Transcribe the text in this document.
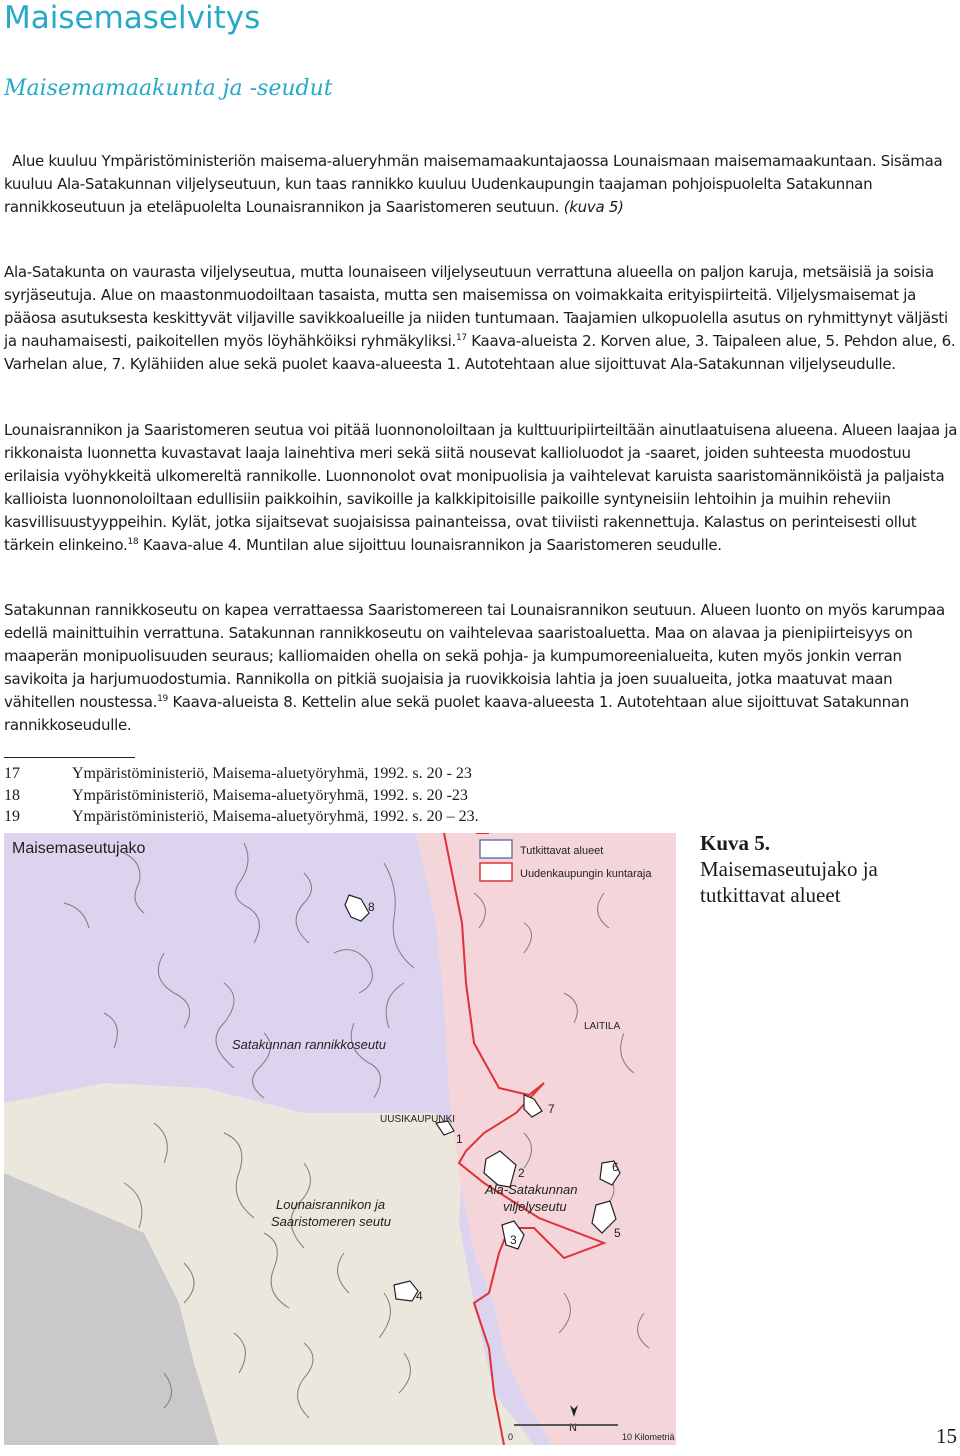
Maisemaselvitys
Maisemamaakunta ja -seudut

Alue kuuluu Ympäristöministeriön maisema-alueryhmän maisemamaakuntajaossa Lounaismaan maisemamaakuntaan. Sisämaa kuuluu Ala-Satakunnan viljelyseutuun, kun taas rannikko kuuluu Uudenkaupungin taajaman pohjoispuolelta Satakunnan rannikkoseutuun ja eteläpuolelta Lounaisrannikon ja Saaristomeren seutuun. (kuva 5)

Ala-Satakunta on vaurasta viljelyseutua, mutta lounaiseen viljelyseutuun verrattuna alueella on paljon karuja, metsäisiä ja soisia syrjäseutuja. Alue on maastonmuodoiltaan tasaista, mutta sen maisemissa on voimakkaita erityispiirteitä. Viljelysmaisemat ja pääosa asutuksesta keskittyvät viljaville savikkoalueille ja niiden tuntumaan. Taajamien ulkopuolella asutus on ryhmittynyt väljästi ja nauhamaisesti, paikoitellen myös löyhähköiksi ryhmäkyliksi.$^{17}$ Kaava-alueista 2. Korven alue, 3. Taipaleen alue, 5. Pehdon alue, 6. Varhelan alue, 7. Kylähiiden alue sekä puolet kaava-alueesta 1. Autotehtaan alue sijoittuvat Ala-Satakunnan viljelyseudulle.

Lounaisrannikon ja Saaristomeren seutua voi pitää luonnonoloiltaan ja kulttuuripiirteiltään ainutlaatuisena alueena. Alueen laajaa ja rikkonaista luonnetta kuvastavat laaja lainehtiva meri sekä siitä nousevat kallioluodot ja -saaret, joiden suhteesta muodostuu erilaisia vyöhykkeitä ulkomereltä rannikolle. Luonnonolot ovat monipuolisia ja vaihtelevat karuista saaristomänniköistä ja paljaista kallioista luonnonoloiltaan edullisiin paikkoihin, savikoille ja kalkkipitoisille paikoille syntyneisiin lehtoihin ja muihin reheviin kasvillisuustyyppeihin. Kylät, jotka sijaitsevat suojaisissa painanteissa, ovat tiiviisti rakennettuja. Kalastus on perinteisesti ollut tärkein elinkeino.$^{18}$ Kaava-alue 4. Muntilan alue sijoittuu lounaisrannikon ja Saaristomeren seudulle.

Satakunnan rannikkoseutu on kapea verrattaessa Saaristomereen tai Lounaisrannikon seutuun. Alueen luonto on myös karumpaa edellä mainittuihin verrattuna. Satakunnan rannikkoseutu on vaihtelevaa saaristoaluetta. Maa on alavaa ja pienipiirteisyys on maaperän monipuolisuuden seuraus; kalliomaiden ohella on sekä pohja- ja kumpumoreenialueita, kuten myös jonkin verran savikoita ja harjumuodostumia. Rannikolla on pitkiä suojaisia ja ruovikkoisia lahtia ja joen suualueita, jotka maatuvat maan vähitellen noustessa.$^{19}$ Kaava-alueista 8. Kettelin alue sekä puolet kaava-alueesta 1. Autotehtaan alue sijoittuvat Satakunnan rannikkoseudulle.

17	Ympäristöministeriö, Maisema-aluetyöryhmä, 1992. s. 20 - 23
18	Ympäristöministeriö, Maisema-aluetyöryhmä, 1992. s. 20 -23
19	Ympäristöministeriö, Maisema-aluetyöryhmä, 1992. s. 20 – 23.
Maisemaseutujako	Tutkittavat alueet
Uudenkaupungin kuntaraja
8
LAITILA
Satakunnan rannikkoseutu
7
UUSIKAUPUNKI
1
2	6
Ala-Satakunnan
viljelyseutu
Lounaisrannikon ja
Saaristomeren seutu
5
3
4
N
0	10 Kilometriä
Kuva 5.
Maisemaseutujako ja
tutkittavat alueet
15
